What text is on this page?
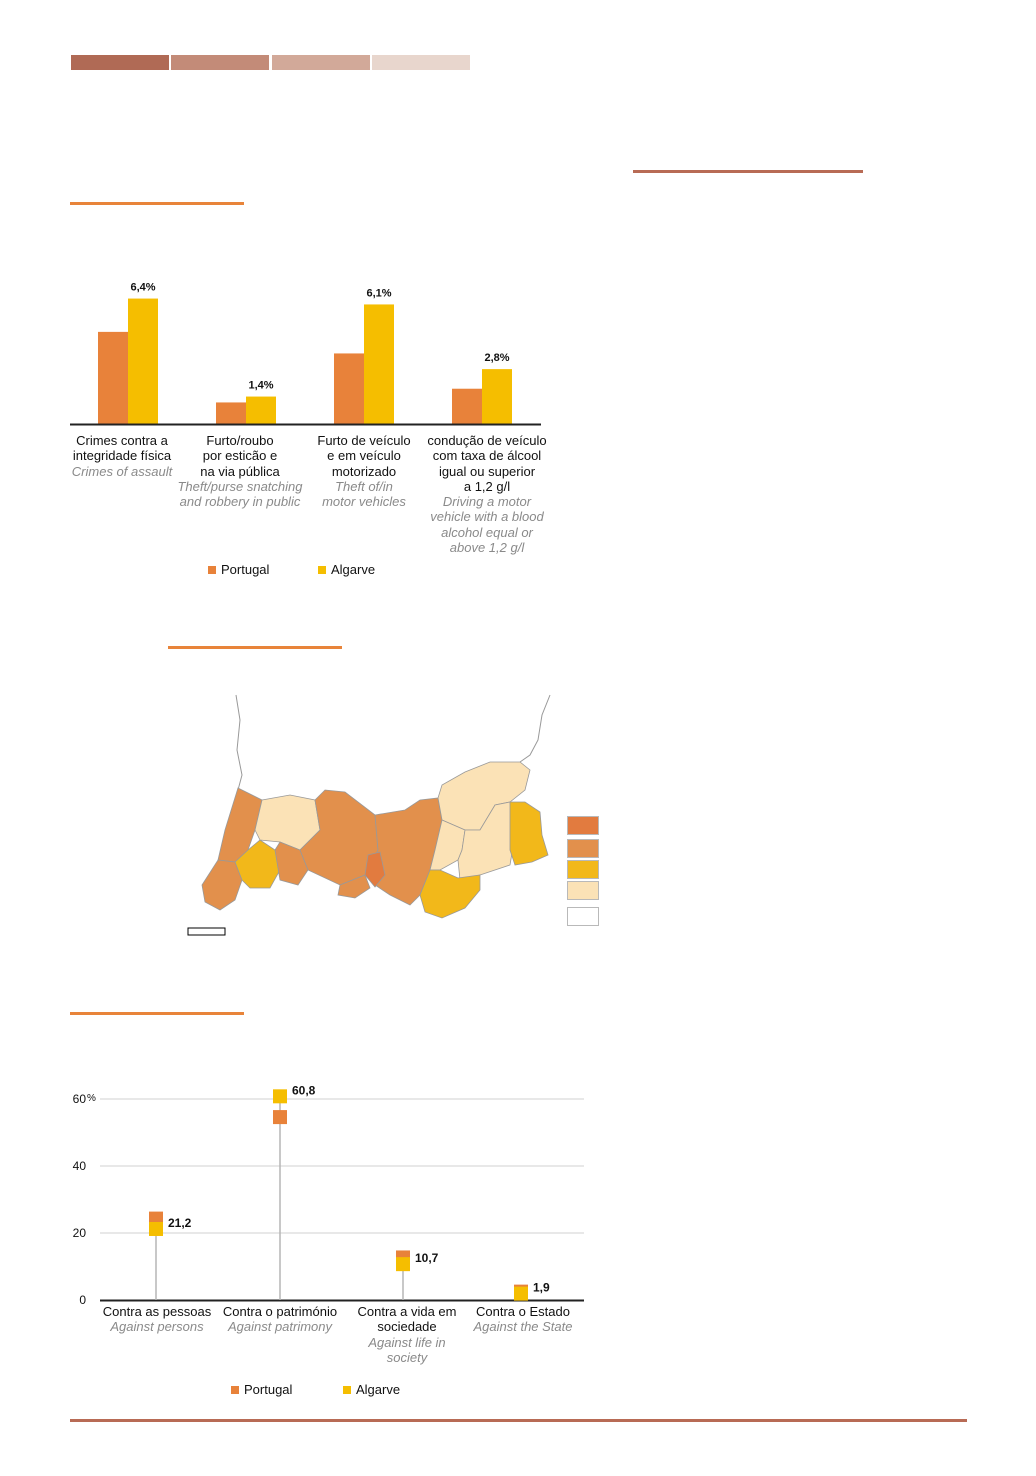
6,4%
1,4%
6,1%
2,8%
Crimes contra a
integridade física
Crimes of assault
Furto/roubo
por esticão e
na via pública
Theft/purse snatching
and robbery in public
Furto de veículo
e em veículo
motorizado
Theft of/in
motor vehicles
condução de veículo
com taxa de álcool
igual ou superior
a 1,2 g/l
Driving a motor
vehicle with a blood
alcohol equal or
above 1,2 g/l
Portugal	Algarve
0
20
40
60 %
21,2
60,8
10,7
1,9
Contra as pessoas
Against persons
Contra o património
Against patrimony
Contra a vida em
sociedade
Against life in
society
Contra o Estado
Against the State
Portugal	Algarve
